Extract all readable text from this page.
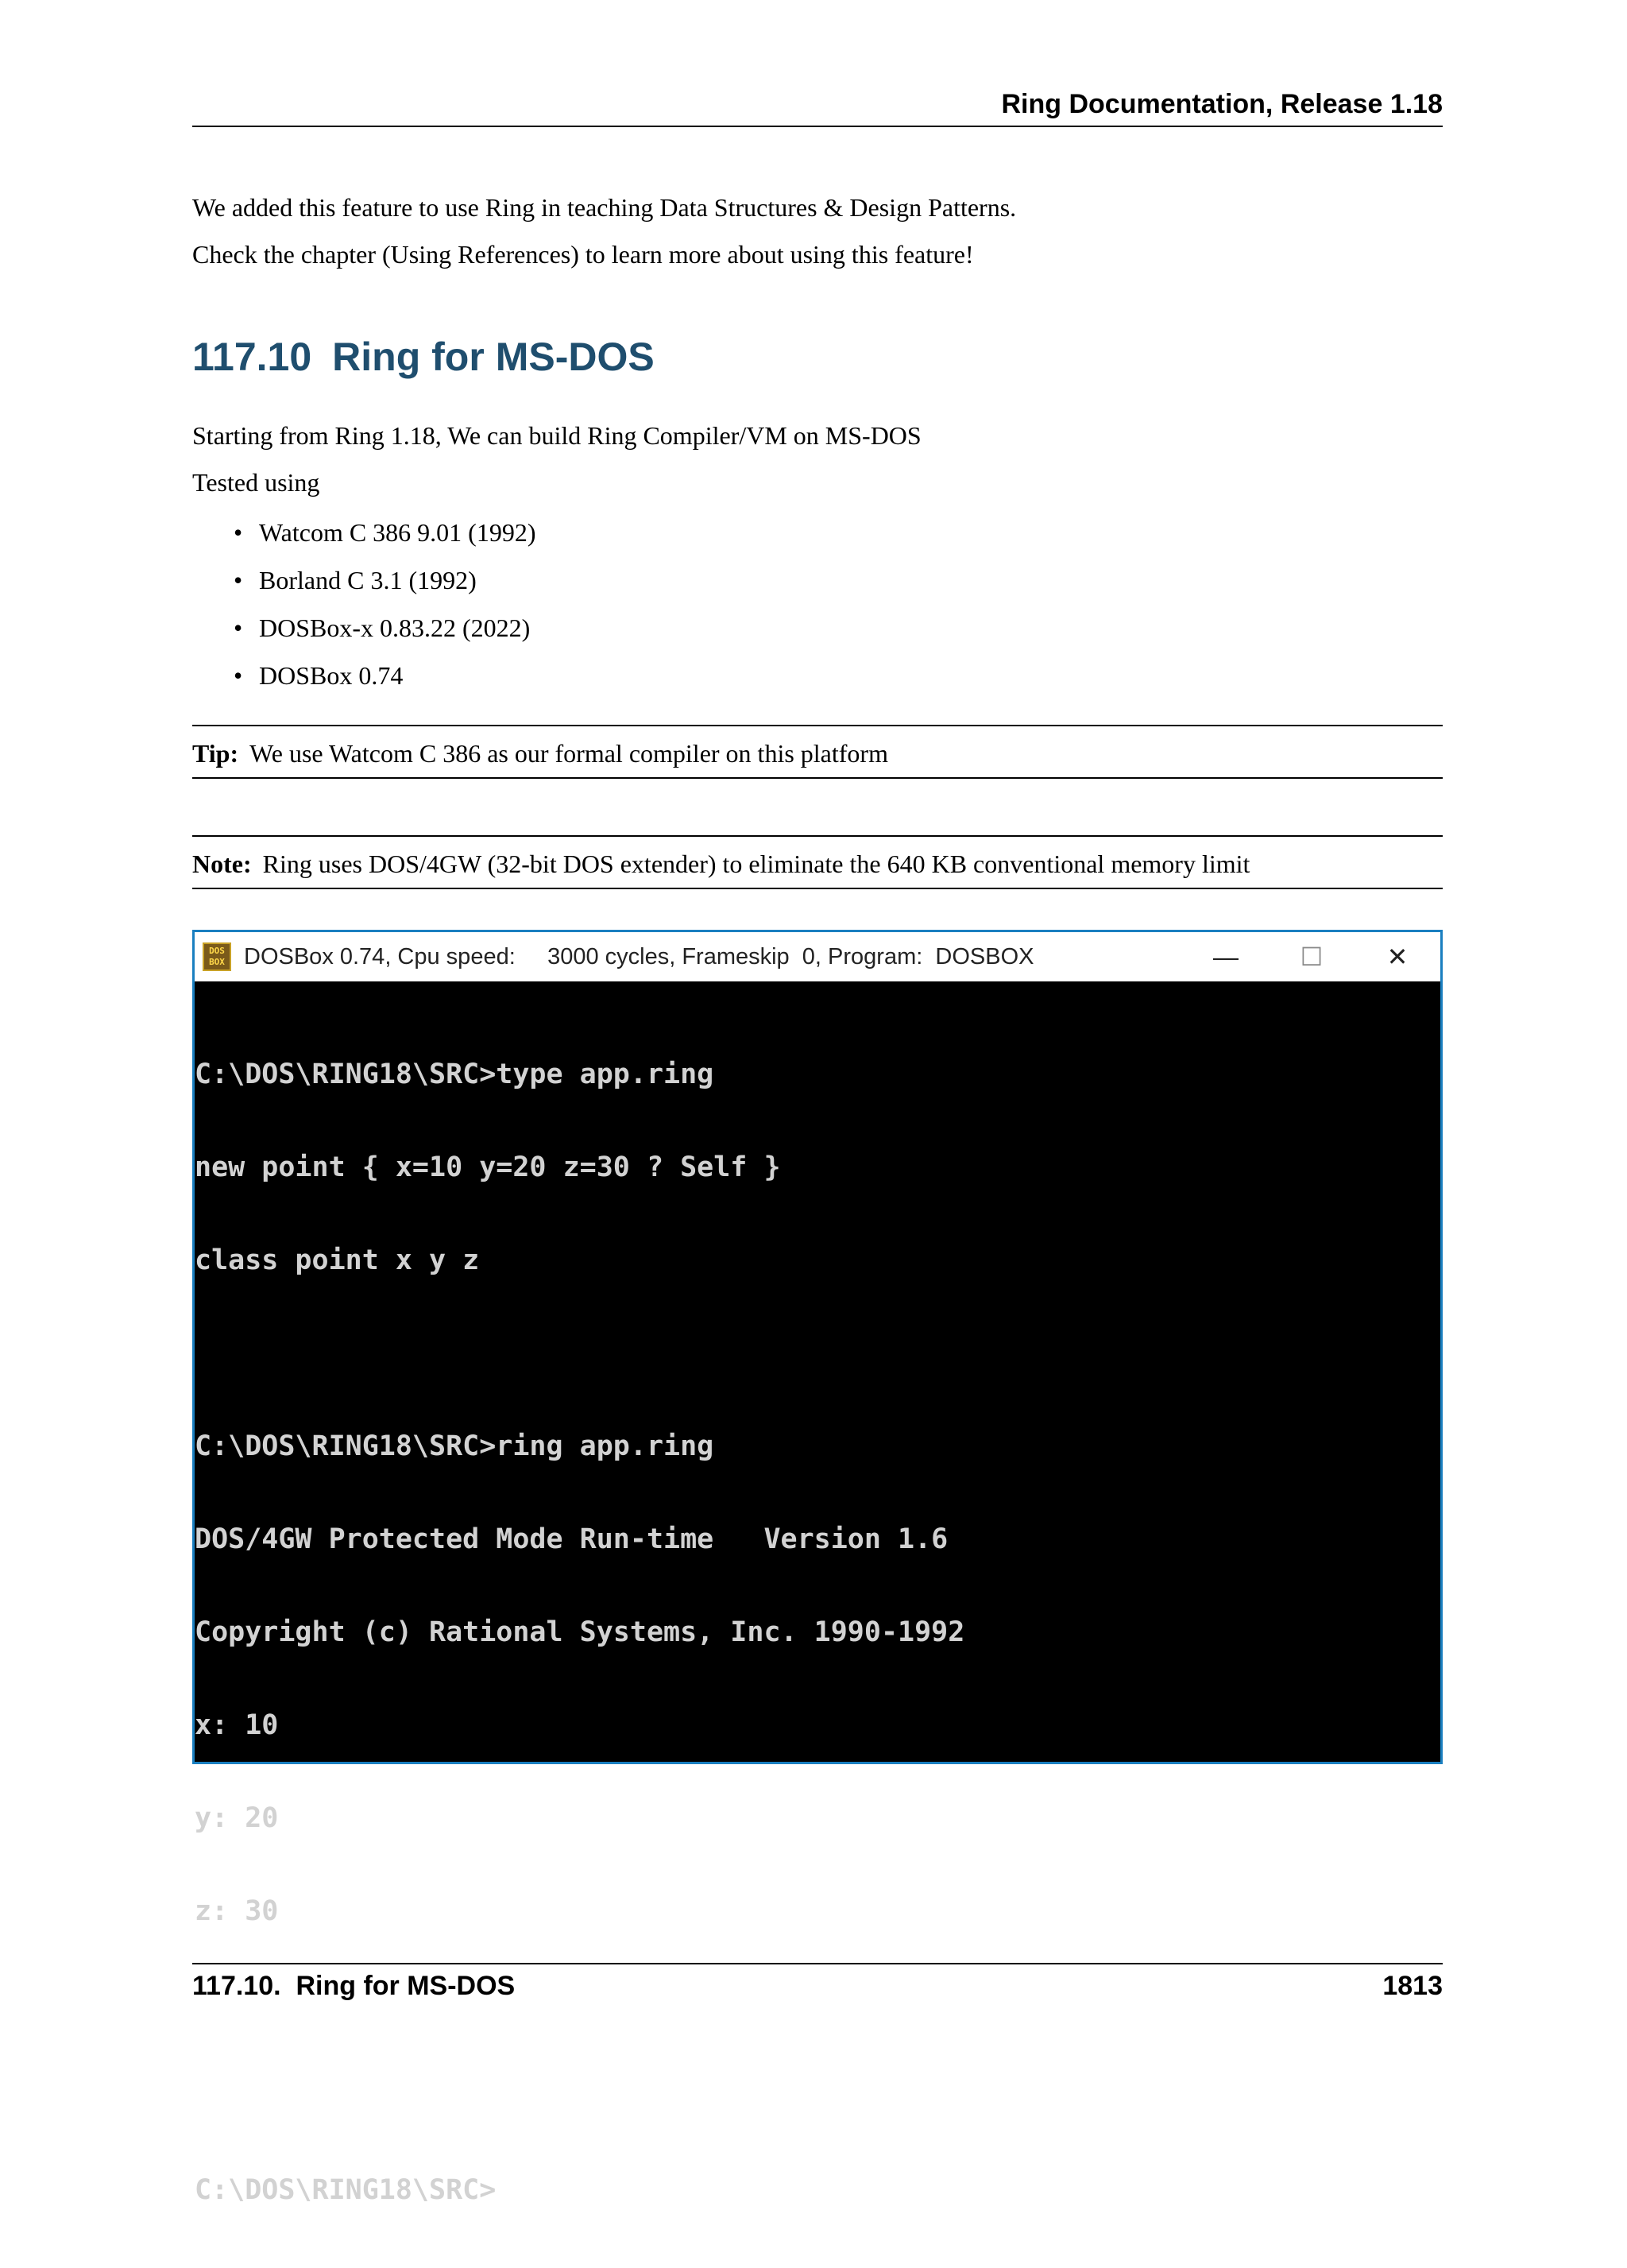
Ring Documentation, Release 1.18
We added this feature to use Ring in teaching Data Structures & Design Patterns.
Check the chapter (Using References) to learn more about using this feature!
117.10 Ring for MS-DOS
Starting from Ring 1.18, We can build Ring Compiler/VM on MS-DOS
Tested using
• Watcom C 386 9.01 (1992)
• Borland C 3.1 (1992)
• DOSBox-x 0.83.22 (2022)
• DOSBox 0.74
Tip: We use Watcom C 386 as our formal compiler on this platform
Note: Ring uses DOS/4GW (32-bit DOS extender) to eliminate the 640 KB conventional memory limit
DOS BOX DOSBox 0.74, Cpu speed: 3000 cycles, Frameskip  0, Program: DOSBOX	— ☐	✕

C:\DOS\RING18\SRC>type app.ring

new point { x=10 y=20 z=30 ? Self }

class point x y z

C:\DOS\RING18\SRC>ring app.ring

DOS/4GW Protected Mode Run-time   Version 1.6

Copyright (c) Rational Systems, Inc. 1990-1992

x: 10

y: 20

z: 30

C:\DOS\RING18\SRC>

117.10.  Ring for MS-DOS	1813
